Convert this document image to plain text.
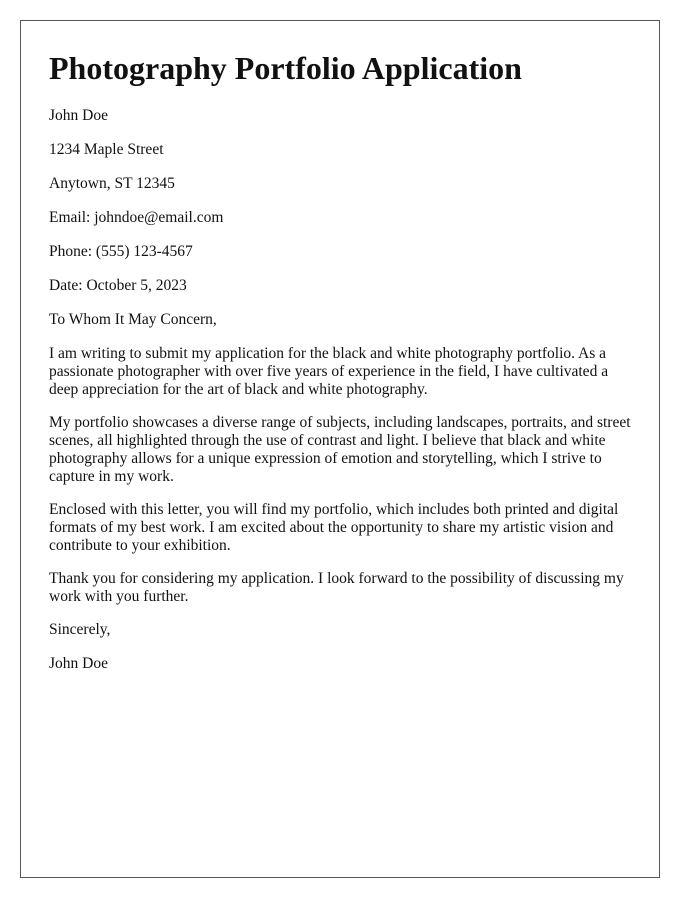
Photography Portfolio Application
John Doe
1234 Maple Street
Anytown, ST 12345
Email: johndoe@email.com
Phone: (555) 123-4567
Date: October 5, 2023
To Whom It May Concern,

I am writing to submit my application for the black and white photography portfolio. As a passionate photographer with over five years of experience in the field, I have cultivated a deep appreciation for the art of black and white photography.

My portfolio showcases a diverse range of subjects, including landscapes, portraits, and street scenes, all highlighted through the use of contrast and light. I believe that black and white photography allows for a unique expression of emotion and storytelling, which I strive to capture in my work.

Enclosed with this letter, you will find my portfolio, which includes both printed and digital formats of my best work. I am excited about the opportunity to share my artistic vision and contribute to your exhibition.

Thank you for considering my application. I look forward to the possibility of discussing my work with you further.

Sincerely,
John Doe
